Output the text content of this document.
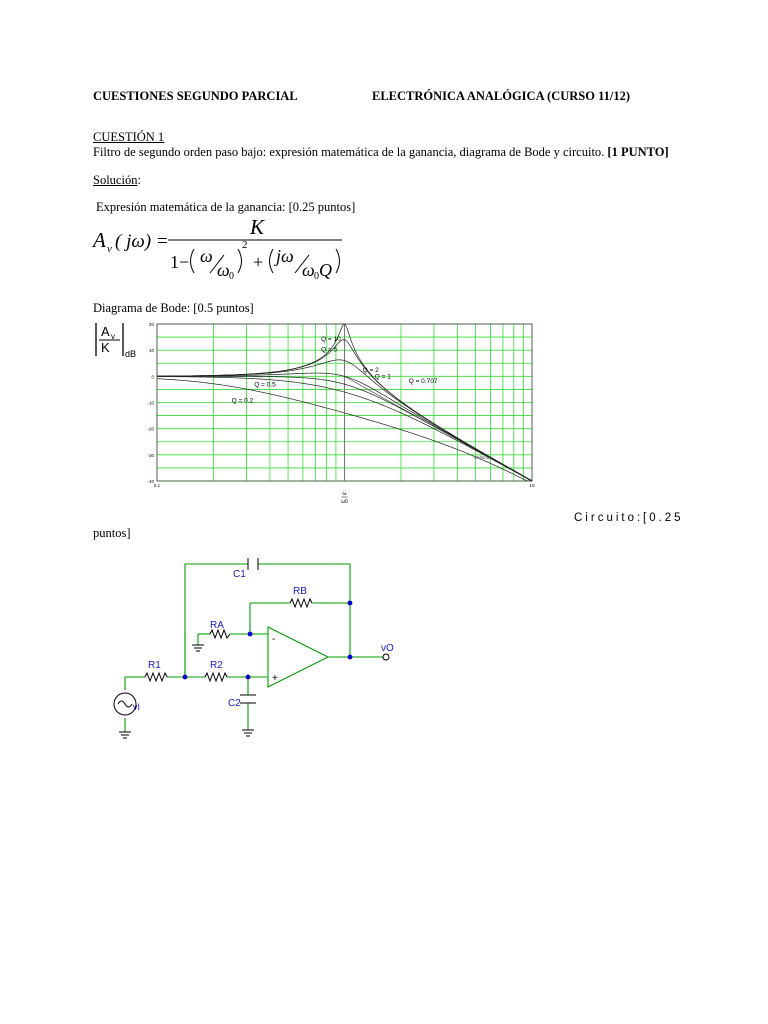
CUESTIONES SEGUNDO PARCIAL	ELECTRÓNICA ANALÓGICA (CURSO 11/12)
CUESTIÓN 1
Filtro de segundo orden paso bajo: expresión matemática de la ganancia, diagrama de Bode y circuito. [1 PUNTO]
Solución:
Expresión matemática de la ganancia: [0.25 puntos]
A v ( jω) =
K
1− ω
ω 0
2
+ jω
ω 0 Q
Diagrama de Bode: [0.5 puntos]
A v
K dB
20
10
0
-10
-20
-30
-40
0.1	10
ω
ω0
Q = 10
Q = 5
Q = 2
Q = 1
Q = 0.707
Q = 0.5
Q = 0.2
-40dB/dec
Circuito: [0.25
puntos]
-
+
C1
RB
RA
R1	R2
C2
vI
vO
